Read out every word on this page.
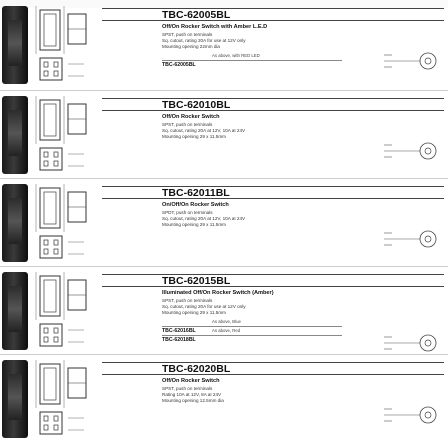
TBC-62005BL
Off/On Rocker Switch with Amber L.E.D
SPST, push on terminals
Sq. cutout, rating 20A for use at 12V only
Mounting opening 22mm dia
TBC-62005BL
As above, with RED LED
TBC-62010BL
Off/On Rocker Switch
SPST, push on terminals
Sq. cutout, rating 20A at 12V, 10A at 24V
Mounting opening 29 x 11.5mm
TBC-62011BL
On/Off/On Rocker Switch
SPDT, push on terminals
Sq. cutout, rating 20A at 12V, 10A at 24V
Mounting opening 29 x 11.5mm
TBC-62015BL
Illuminated Off/On Rocker Switch (Amber)
SPST, push on terminals
Sq. cutout, rating 20A for use at 12V only
Mounting opening 29 x 11.5mm
TBC-62016BL
As above, Blue
TBC-62018BL
As above, Red
TBC-62020BL
Off/On Rocker Switch
SPST, push on terminals
Rating 10A at 12V, 8A at 24V
Mounting opening 12.5mm dia
